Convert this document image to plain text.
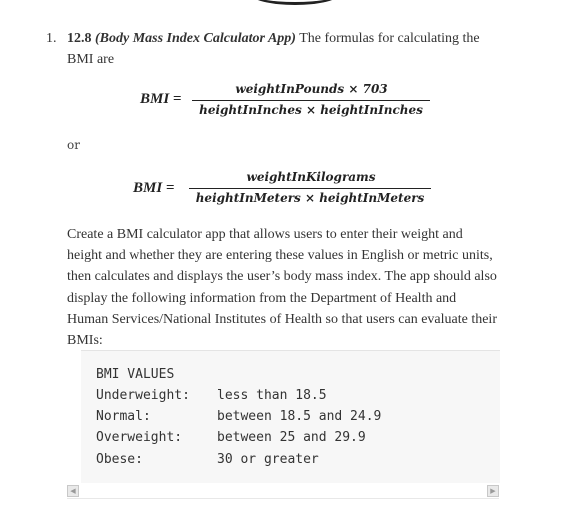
1. 12.8 (Body Mass Index Calculator App) The formulas for calculating the BMI are
BMI =
weightInPounds × 703
heightInInches × heightInInches
or
BMI =
weightInKilograms
heightInMeters × heightInMeters
Create a BMI calculator app that allows users to enter their weight and height and whether they are entering these values in English or metric units, then calculates and displays the user’s body mass index. The app should also display the following information from the Department of Health and Human Services/National Institutes of Health so that users can evaluate their BMIs:
BMI VALUES
Underweight: less than 18.5
Normal:	between 18.5 and 24.9
Overweight:	between 25 and 29.9
Obese:	30 or greater
◀	▶
